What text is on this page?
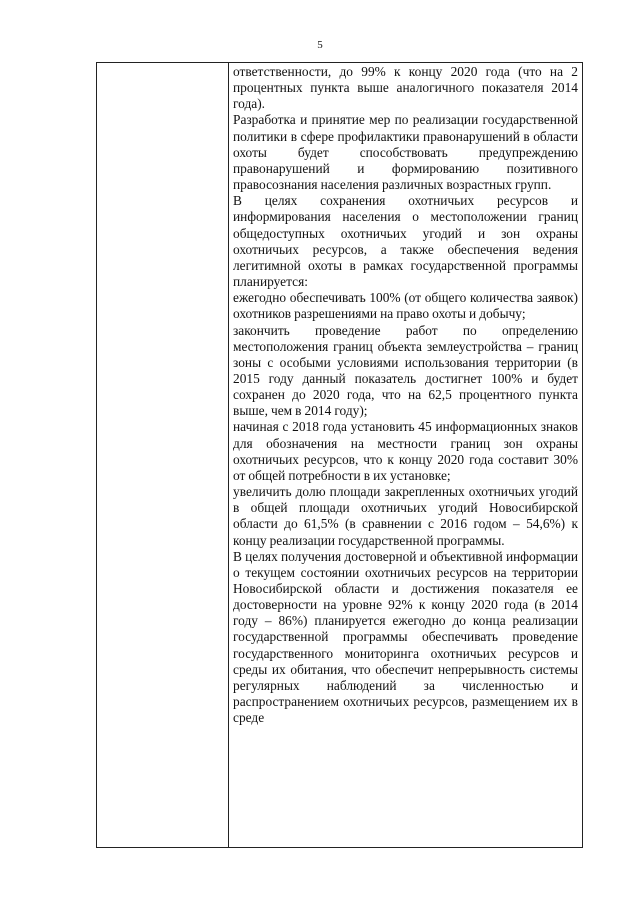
5

ответственности, до 99% к концу 2020 года (что на 2 процентных пункта выше аналогичного показателя 2014 года).

Разработка и принятие мер по реализации государственной политики в сфере профилактики правонарушений в области охоты будет способствовать предупреждению правонарушений и формированию позитивного правосознания населения различных возрастных групп.

В целях сохранения охотничьих ресурсов и информирования населения о местоположении границ общедоступных охотничьих угодий и зон охраны охотничьих ресурсов, а также обеспечения ведения легитимной охоты в рамках государственной программы планируется:

ежегодно обеспечивать 100% (от общего количества заявок) охотников разрешениями на право охоты и добычу;

закончить проведение работ по определению местоположения границ объекта землеустройства – границ зоны с особыми условиями использования территории (в 2015 году данный показатель достигнет 100% и будет сохранен до 2020 года, что на 62,5 процентного пункта выше, чем в 2014 году);

начиная с 2018 года установить 45 информационных знаков для обозначения на местности границ зон охраны охотничьих ресурсов, что к концу 2020 года составит 30% от общей потребности в их установке;

увеличить долю площади закрепленных охотничьих угодий в общей площади охотничьих угодий Новосибирской области до 61,5% (в сравнении с 2016 годом – 54,6%) к концу реализации государственной программы.

В целях получения достоверной и объективной информации о текущем состоянии охотничьих ресурсов на территории Новосибирской области и достижения показателя ее достоверности на уровне 92% к концу 2020 года (в 2014 году – 86%) планируется ежегодно до конца реализации государственной программы обеспечивать проведение государственного мониторинга охотничьих ресурсов и среды их обитания, что обеспечит непрерывность системы регулярных наблюдений за численностью и распространением охотничьих ресурсов, размещением их в среде
